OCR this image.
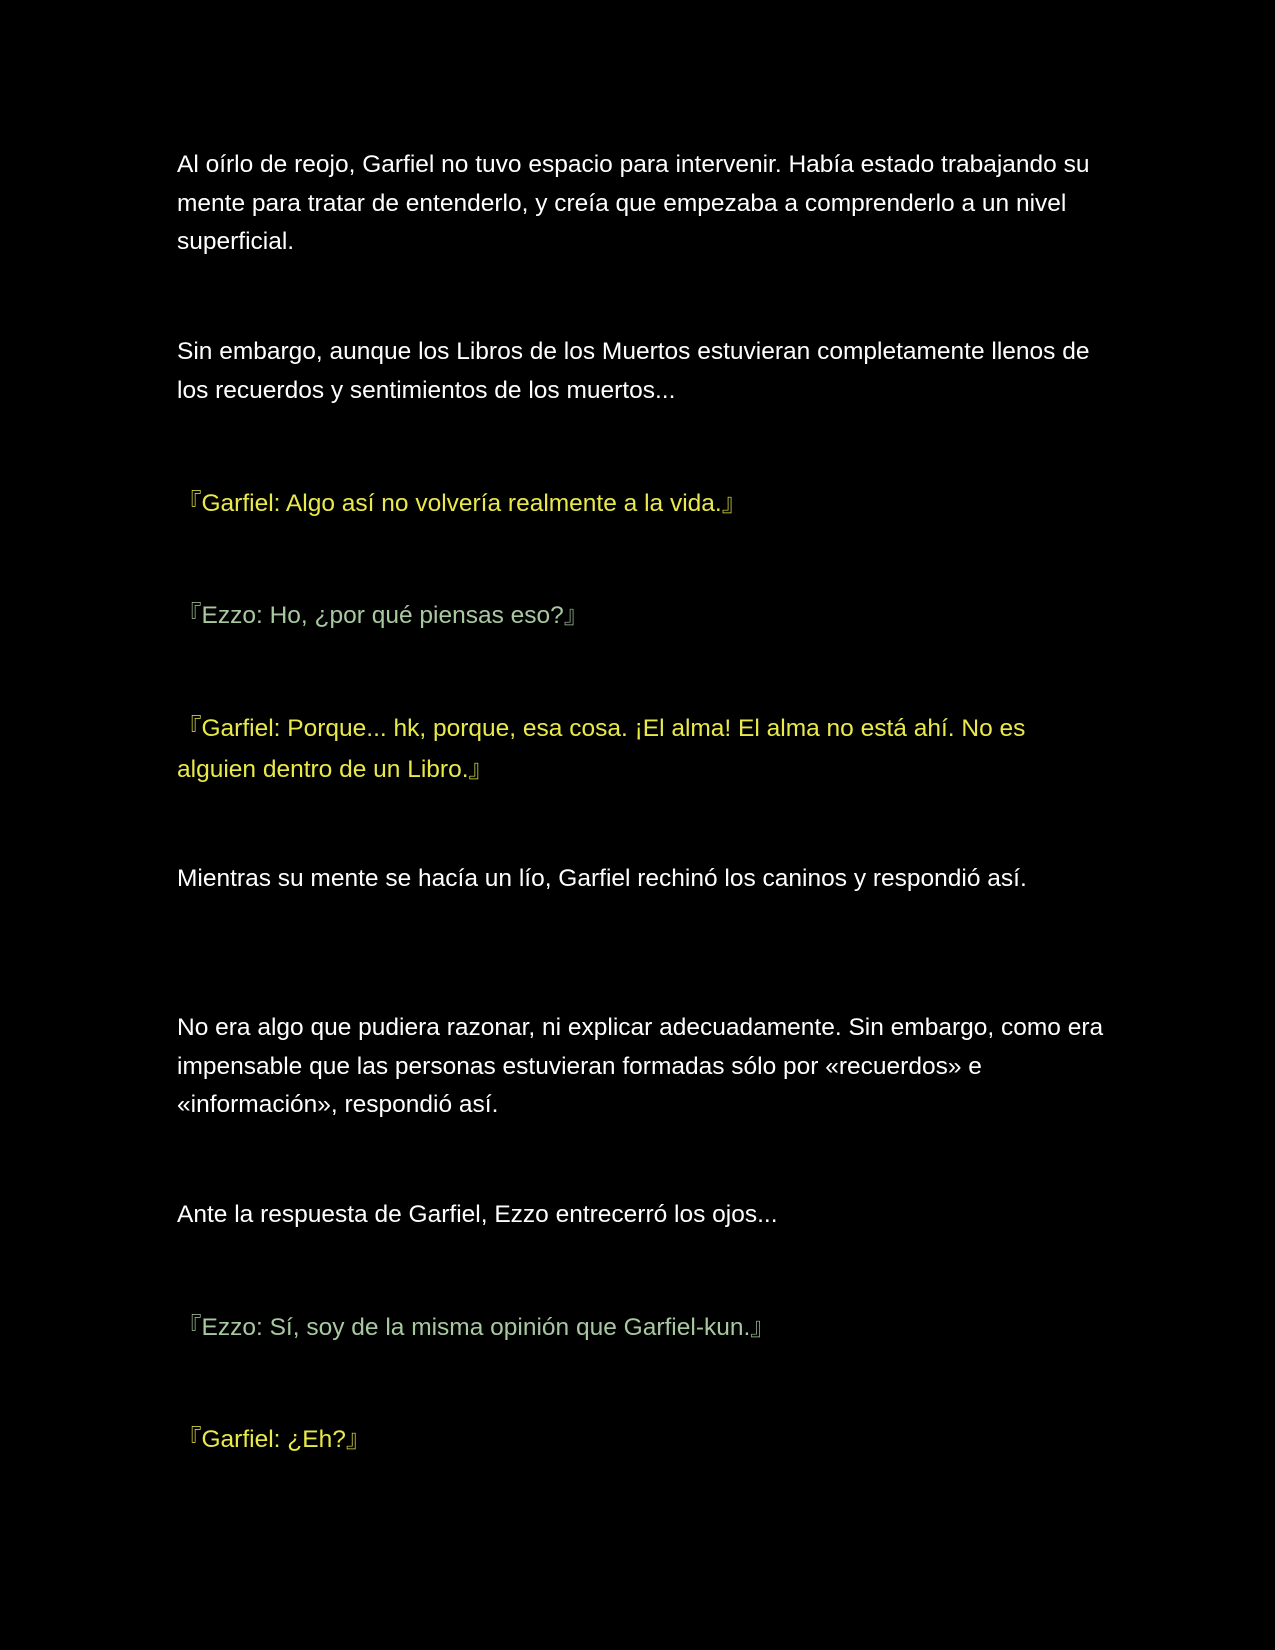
Al oírlo de reojo, Garfiel no tuvo espacio para intervenir. Había estado trabajando su mente para tratar de entenderlo, y creía que empezaba a comprenderlo a un nivel superficial.

Sin embargo, aunque los Libros de los Muertos estuvieran completamente llenos de los recuerdos y sentimientos de los muertos...

『Garfiel: Algo así no volvería realmente a la vida.』

『Ezzo: Ho, ¿por qué piensas eso?』

『Garfiel: Porque... hk, porque, esa cosa. ¡El alma! El alma no está ahí. No es alguien dentro de un Libro.』

Mientras su mente se hacía un lío, Garfiel rechinó los caninos y respondió así.

No era algo que pudiera razonar, ni explicar adecuadamente. Sin embargo, como era impensable que las personas estuvieran formadas sólo por «recuerdos» e «información», respondió así.

Ante la respuesta de Garfiel, Ezzo entrecerró los ojos...

『Ezzo: Sí, soy de la misma opinión que Garfiel-kun.』

『Garfiel: ¿Eh?』
